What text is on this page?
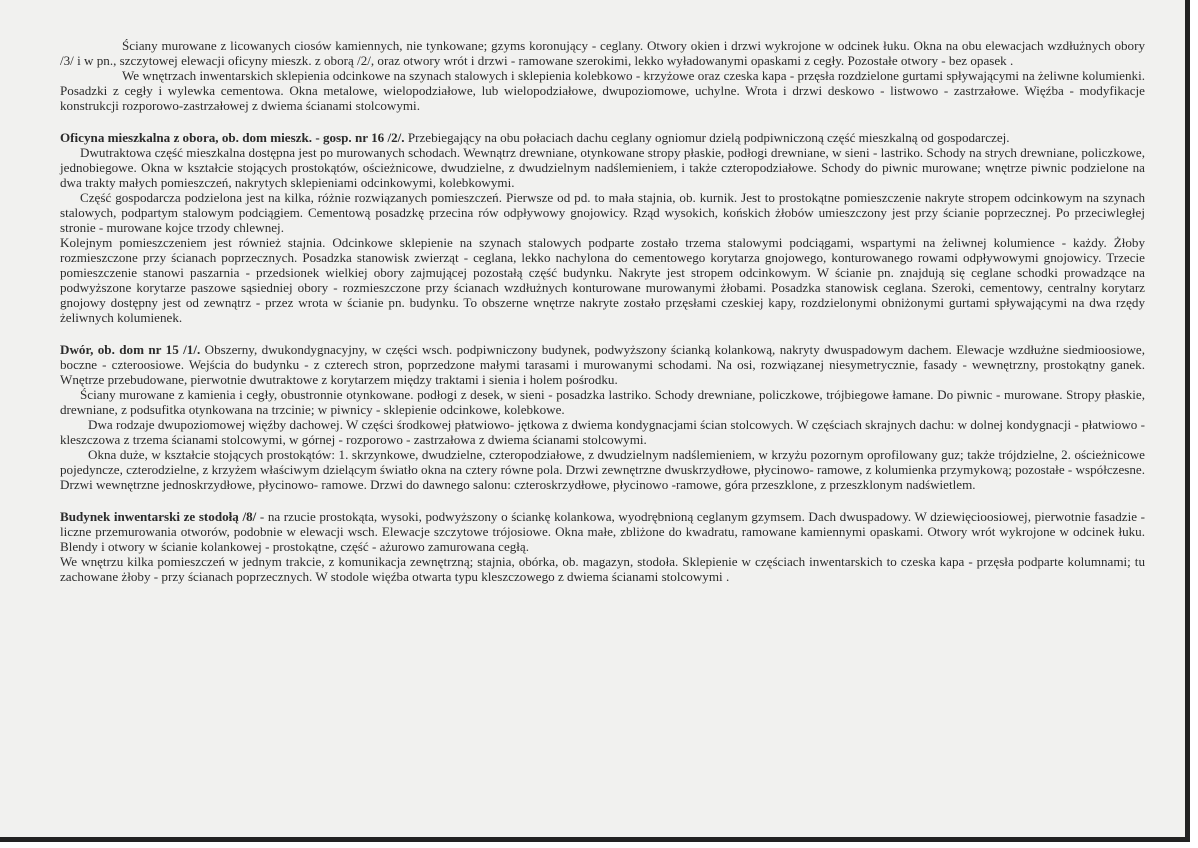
Ściany murowane z licowanych ciosów kamiennych, nie tynkowane; gzyms koronujący - ceglany. Otwory okien i drzwi wykrojone w odcinek łuku. Okna na obu elewacjach wzdłużnych obory /3/ i w pn., szczytowej elewacji oficyny mieszk. z oborą /2/, oraz otwory wrót i drzwi - ramowane szerokimi, lekko wyładowanymi opaskami z cegły. Pozostałe otwory - bez opasek .

We wnętrzach inwentarskich sklepienia odcinkowe na szynach stalowych i sklepienia kolebkowo - krzyżowe oraz czeska kapa - przęsła rozdzielone gurtami spływającymi na żeliwne kolumienki. Posadzki z cegły i wylewka cementowa. Okna metalowe, wielopodziałowe, lub wielopodziałowe, dwupoziomowe, uchylne. Wrota i drzwi deskowo - listwowo - zastrzałowe. Więźba - modyfikacje konstrukcji rozporowo-zastrzałowej z dwiema ścianami stolcowymi.

Oficyna mieszkalna z obora, ob. dom mieszk. - gosp. nr 16 /2/. Przebiegający na obu połaciach dachu ceglany ogniomur dzielą podpiwniczoną część mieszkalną od gospodarczej.

Dwutraktowa część mieszkalna dostępna jest po murowanych schodach. Wewnątrz drewniane, otynkowane stropy płaskie, podłogi drewniane, w sieni - lastriko. Schody na strych drewniane, policzkowe, jednobiegowe. Okna w kształcie stojących prostokątów, ościeżnicowe, dwudzielne, z dwudzielnym nadślemieniem, i także czteropodziałowe. Schody do piwnic murowane; wnętrze piwnic podzielone na dwa trakty małych pomieszczeń, nakrytych sklepieniami odcinkowymi, kolebkowymi.

Część gospodarcza podzielona jest na kilka, różnie rozwiązanych pomieszczeń. Pierwsze od pd. to mała stajnia, ob. kurnik. Jest to prostokątne pomieszczenie nakryte stropem odcinkowym na szynach stalowych, podpartym stalowym podciągiem. Cementową posadzkę przecina rów odpływowy gnojowicy. Rząd wysokich, końskich żłobów umieszczony jest przy ścianie poprzecznej. Po przeciwległej stronie - murowane kojce trzody chlewnej.

Kolejnym pomieszczeniem jest również stajnia. Odcinkowe sklepienie na szynach stalowych podparte zostało trzema stalowymi podciągami, wspartymi na żeliwnej kolumience - każdy. Żłoby rozmieszczone przy ścianach poprzecznych. Posadzka stanowisk zwierząt - ceglana, lekko nachylona do cementowego korytarza gnojowego, konturowanego rowami odpływowymi gnojowicy. Trzecie pomieszczenie stanowi paszarnia - przedsionek wielkiej obory zajmującej pozostałą część budynku. Nakryte jest stropem odcinkowym. W ścianie pn. znajdują się ceglane schodki prowadzące na podwyższone korytarze paszowe sąsiedniej obory - rozmieszczone przy ścianach wzdłużnych konturowane murowanymi żłobami. Posadzka stanowisk ceglana. Szeroki, cementowy, centralny korytarz gnojowy dostępny jest od zewnątrz - przez wrota w ścianie pn. budynku. To obszerne wnętrze nakryte zostało przęsłami czeskiej kapy, rozdzielonymi obniżonymi gurtami spływającymi na dwa rzędy żeliwnych kolumienek.

Dwór, ob. dom nr 15 /1/. Obszerny, dwukondygnacyjny, w części wsch. podpiwniczony budynek, podwyższony ścianką kolankową, nakryty dwuspadowym dachem. Elewacje wzdłużne siedmioosiowe, boczne - czteroosiowe. Wejścia do budynku - z czterech stron, poprzedzone małymi tarasami i murowanymi schodami. Na osi, rozwiązanej niesymetrycznie, fasady - wewnętrzny, prostokątny ganek. Wnętrze przebudowane, pierwotnie dwutraktowe z korytarzem między traktami i sienia i holem pośrodku.

Ściany murowane z kamienia i cegły, obustronnie otynkowane. podłogi z desek, w sieni - posadzka lastriko. Schody drewniane, policzkowe, trójbiegowe łamane. Do piwnic - murowane. Stropy płaskie, drewniane, z podsufitka otynkowana na trzcinie; w piwnicy - sklepienie odcinkowe, kolebkowe.

Dwa rodzaje dwupoziomowej więźby dachowej. W części środkowej płatwiowo- jętkowa z dwiema kondygnacjami ścian stolcowych. W częściach skrajnych dachu: w dolnej kondygnacji - płatwiowo -kleszczowa z trzema ścianami stolcowymi, w górnej - rozporowo - zastrzałowa z dwiema ścianami stolcowymi.

Okna duże, w kształcie stojących prostokątów: 1. skrzynkowe, dwudzielne, czteropodziałowe, z dwudzielnym nadślemieniem, w krzyżu pozornym oprofilowany guz; także trójdzielne, 2. ościeżnicowe pojedyncze, czterodzielne, z krzyżem właściwym dzielącym światło okna na cztery równe pola. Drzwi zewnętrzne dwuskrzydłowe, płycinowo- ramowe, z kolumienka przymykową; pozostałe - współczesne. Drzwi wewnętrzne jednoskrzydłowe, płycinowo- ramowe. Drzwi do dawnego salonu: czteroskrzydłowe, płycinowo -ramowe, góra przeszklone, z przeszklonym nadświetlem.

Budynek inwentarski ze stodołą /8/ - na rzucie prostokąta, wysoki, podwyższony o ściankę kolankowa, wyodrębnioną ceglanym gzymsem. Dach dwuspadowy. W dziewięcioosiowej, pierwotnie fasadzie - liczne przemurowania otworów, podobnie w elewacji wsch. Elewacje szczytowe trójosiowe. Okna małe, zbliżone do kwadratu, ramowane kamiennymi opaskami. Otwory wrót wykrojone w odcinek łuku. Blendy i otwory w ścianie kolankowej - prostokątne, część - ażurowo zamurowana cegłą.

We wnętrzu kilka pomieszczeń w jednym trakcie, z komunikacja zewnętrzną; stajnia, obórka, ob. magazyn, stodoła. Sklepienie w częściach inwentarskich to czeska kapa - przęsła podparte kolumnami; tu zachowane żłoby - przy ścianach poprzecznych. W stodole więźba otwarta typu kleszczowego z dwiema ścianami stolcowymi .
